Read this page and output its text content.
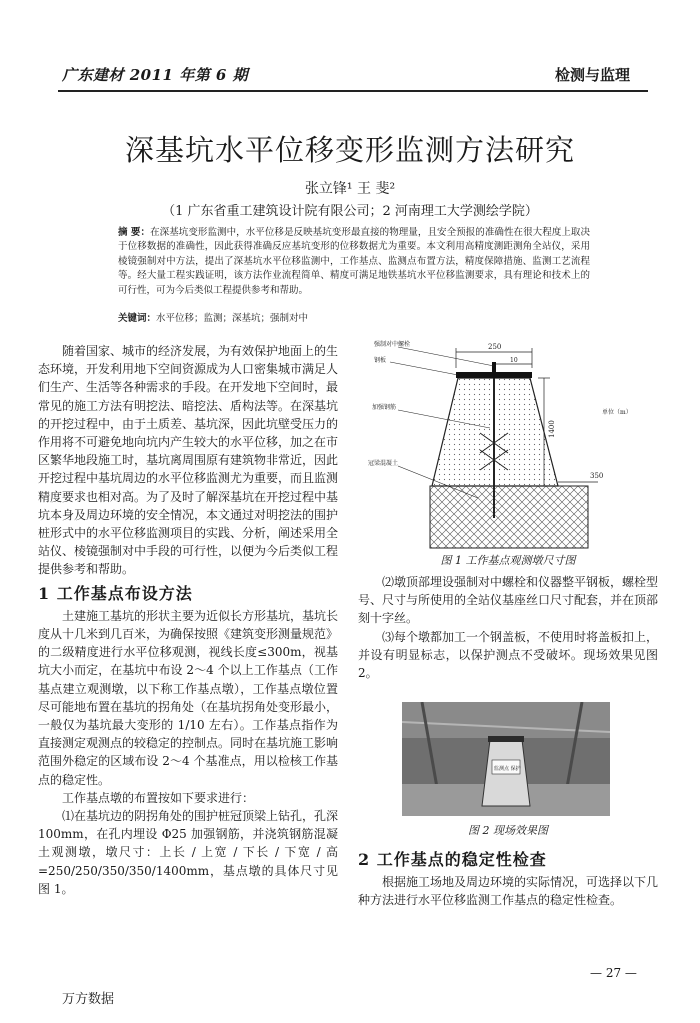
广东建材 2011 年第 6 期	检测与监理
深基坑水平位移变形监测方法研究
张立锋¹ 王 斐²
（1 广东省重工建筑设计院有限公司；2 河南理工大学测绘学院）
摘 要：在深基坑变形监测中，水平位移是反映基坑变形最直接的物理量，且安全预报的准确性在很大程度上取决于位移数据的准确性，因此获得准确反应基坑变形的位移数据尤为重要。本文利用高精度测距测角全站仪，采用棱镜强制对中方法，提出了深基坑水平位移监测中，工作基点、监测点布置方法，精度保障措施、监测工艺流程等。经大量工程实践证明，该方法作业流程简单、精度可满足地铁基坑水平位移监测要求，具有理论和技术上的可行性，可为今后类似工程提供参考和帮助。
关键词：水平位移；监测；深基坑；强制对中

随着国家、城市的经济发展，为有效保护地面上的生态环境，开发利用地下空间资源成为人口密集城市满足人们生产、生活等各种需求的手段。在开发地下空间时，最常见的施工方法有明挖法、暗挖法、盾构法等。在深基坑的开挖过程中，由于土质差、基坑深，因此坑壁受压力的作用将不可避免地向坑内产生较大的水平位移，加之在市区繁华地段施工时，基坑离周围原有建筑物非常近，因此开挖过程中基坑周边的水平位移监测尤为重要，而且监测精度要求也相对高。为了及时了解深基坑在开挖过程中基坑本身及周边环境的安全情况，本文通过对明挖法的围护桩形式中的水平位移监测项目的实践、分析，阐述采用全站仪、棱镜强制对中手段的可行性，以便为今后类似工程提供参考和帮助。

1 工作基点布设方法

土建施工基坑的形状主要为近似长方形基坑，基坑长度从十几米到几百米，为确保按照《建筑变形测量规范》的二级精度进行水平位移观测，视线长度≤300m，视基坑大小而定，在基坑中布设 2～4 个以上工作基点（工作基点建立观测墩，以下称工作基点墩），工作基点墩位置尽可能地布置在基坑的拐角处（在基坑拐角处变形最小，一般仅为基坑最大变形的 1/10 左右）。工作基点指作为直接测定观测点的较稳定的控制点。同时在基坑施工影响范围外稳定的区域布设 2～4 个基准点，用以检核工作基点的稳定性。

工作基点墩的布置按如下要求进行：

⑴在基坑边的阴拐角处的围护桩冠顶梁上钻孔，孔深 100mm，在孔内埋设 Φ25 加强钢筋，并浇筑钢筋混凝土观测墩，墩尺寸：上长 / 上宽 / 下长 / 下宽 / 高=250/250/350/350/1400mm，基点墩的具体尺寸见图 1。

强制对中螺栓
钢板
加强钢筋
冠梁混凝土
250
10
1400
350
单位（m）
图 1 工作基点观测墩尺寸图

⑵墩顶部埋设强制对中螺栓和仪器整平钢板，螺栓型号、尺寸与所使用的全站仪基座丝口尺寸配套，并在顶部刻十字丝。

⑶每个墩都加工一个钢盖板，不使用时将盖板扣上，并设有明显标志，以保护测点不受破坏。现场效果见图 2。

监测点 保护
图 2 现场效果图
2 工作基点的稳定性检查

根据施工场地及周边环境的实际情况，可选择以下几种方法进行水平位移监测工作基点的稳定性检查。

— 27 —
万方数据
